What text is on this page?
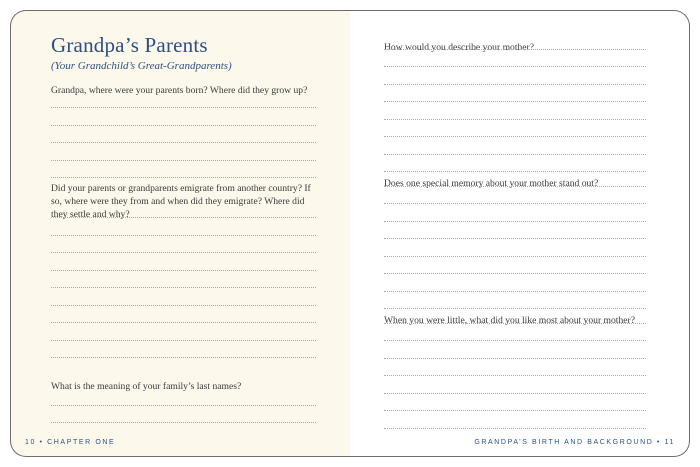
Grandpa’s Parents
(Your Grandchild’s Great-Grandparents)
Grandpa, where were your parents born? Where did they grow up?
Did your parents or grandparents emigrate from another country? If so, where were they from and when did they emigrate? Where did they settle and why?
What is the meaning of your family’s last names?
10 • CHAPTER ONE
How would you describe your mother?
Does one special memory about your mother stand out?
When you were little, what did you like most about your mother?
GRANDPA’S BIRTH AND BACKGROUND • 11
